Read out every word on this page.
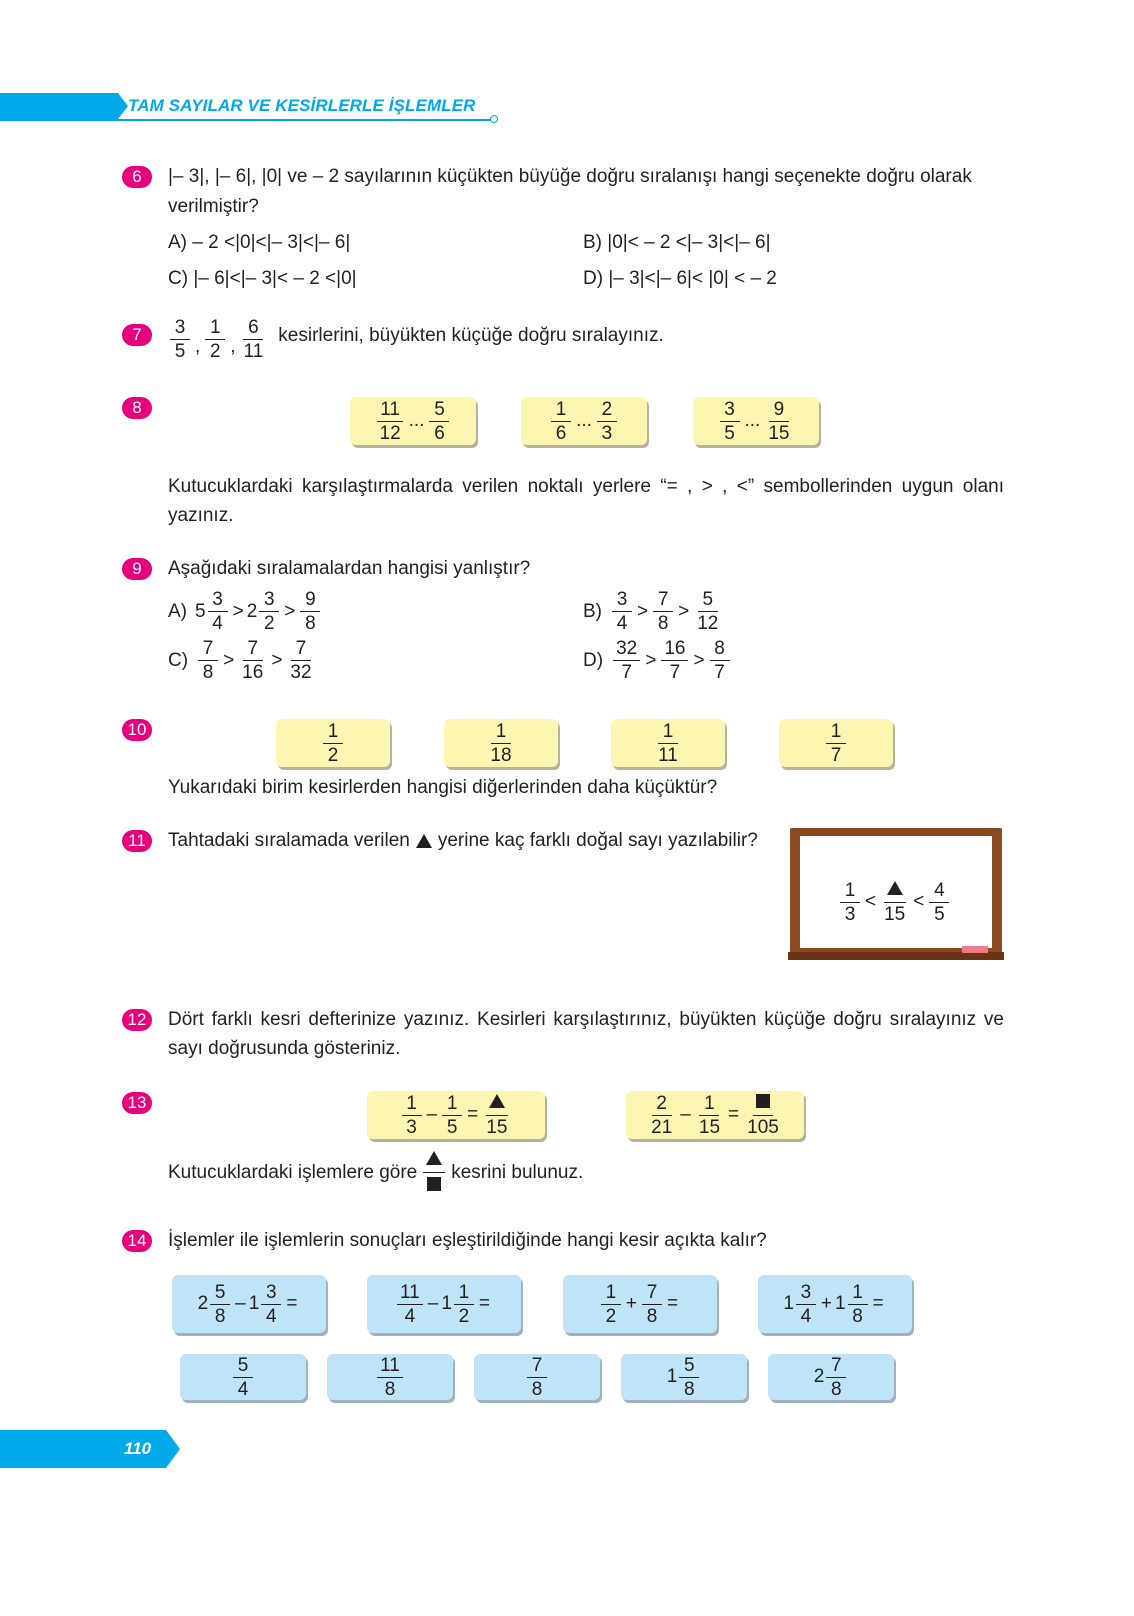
TAM SAYILAR VE KESİRLERLE İŞLEMLER
6	|– 3|, |– 6|, |0| ve – 2 sayılarının küçükten büyüğe doğru sıralanışı hangi seçenekte doğru olarak
verilmiştir?
A) – 2 <|0|<|– 3|<|– 6|	B) |0|< – 2 <|– 3|<|– 6|
C) |– 6|<|– 3|< – 2 <|0|	D) |– 3|<|– 6|< |0| < – 2
7	$\frac{3}{5}$ , $\frac{1}{2}$ , $\frac{6}{11}$ kesirlerini, büyükten küçüğe doğru sıralayınız.
8	$\frac{11}{12}$ ... $\frac{5}{6}$	$\frac{1}{6}$ ... $\frac{2}{3}$	$\frac{3}{5}$ ... $\frac{9}{15}$
Kutucuklardaki karşılaştırmalarda verilen noktalı yerlere “= , > , <” sembollerinden uygun olanı
yazınız.
9	Aşağıdaki sıralamalardan hangisi yanlıştır?
A) $5 \frac{3}{4} > 2 \frac{3}{2} > \frac{9}{8}$	$B) \frac{3}{4} > \frac{7}{8} > \frac{5}{12}$
$C) \frac{7}{8} > \frac{7}{16} > \frac{7}{32}$	$D) \frac{32}{7} > \frac{16}{7} > \frac{8}{7}$
10	$\frac{1}{2}$	$\frac{1}{18}$	$\frac{1}{11}$	$\frac{1}{7}$
Yukarıdaki birim kesirlerden hangisi diğerlerinden daha küçüktür?
11	Tahtadaki sıralamada verilen yerine kaç farklı doğal sayı yazılabilir?
$\frac{1}{3}$ <
15
< $\frac{4}{5}$
12 Dört farklı kesri defterinize yazınız. Kesirleri karşılaştırınız, büyükten küçüğe doğru sıralayınız ve
sayı doğrusunda gösteriniz.
13	$\frac{1}{3} - \frac{1}{5}$ =
15	$\frac{2}{21} - \frac{1}{15}$ =
105
Kutucuklardaki işlemlere göre kesrini bulunuz.
14 İşlemler ile işlemlerin sonuçları eşleştirildiğinde hangi kesir açıkta kalır?
$2 \frac{5}{8} - 1 \frac{3}{4}$ =	$\frac{11}{4} - 1 \frac{1}{2}$ =	$\frac{1}{2} + \frac{7}{8}$ =	$1 \frac{3}{4} + 1 \frac{1}{8}$ =
$\frac{5}{4}$	$\frac{11}{8}$	$\frac{7}{8}$	$1 \frac{5}{8}$	$2 \frac{7}{8}$
110
